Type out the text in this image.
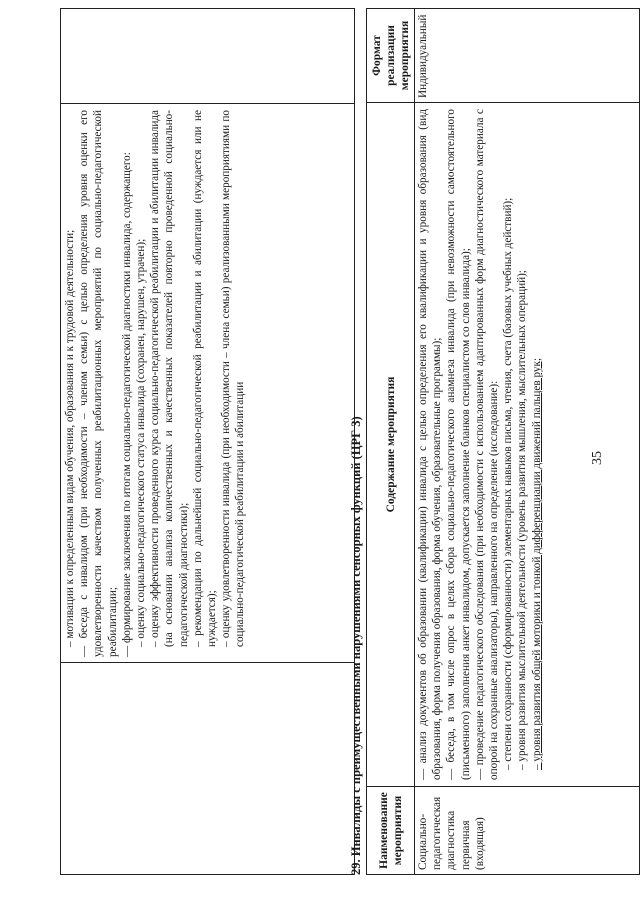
35

– мотивации к определенным видам обучения, образования и к трудовой деятельности; — беседа с инвалидом (при необходимости – членом семьи) с целью определения уровня оценки его удовлетворенности качеством полученных реабилитационных мероприятий по социально-педагогической реабилитации; — формирование заключения по итогам социально-педагогической диагностики инвалида, содержащего: – оценку социально-педагогического статуса инвалида (сохранен, нарушен, утрачен); – оценку эффективности проведенного курса социально-педагогической реабилитации и абилитации инвалида (на основании анализа количественных и качественных показателей повторно проведенной социально-педагогической диагностики); – рекомендации по дальнейшей социально-педагогической реабилитации и абилитации (нуждается или не нуждается); – оценку удовлетворенности инвалида (при необходимости – члена семьи) реализованными мероприятиями по социально-педагогической реабилитации и абилитации	29. Инвалиды с преимущественными нарушениями сенсорных функций (ЦРГ 3) Наименование мероприятия
Содержание мероприятия
Формат реализации мероприятия

Социально-педагогическая диагностика первичная (входящая)

— анализ документов об образовании (квалификации) инвалида с целью определения его квалификации и уровня образования (вид образования, форма получения образования, форма обучения, образовательные программы); — беседа, в том числе опрос в целях сбора социально-педагогического анамнеза инвалида (при невозможности самостоятельного (письменного) заполнения анкет инвалидом, допускается заполнение бланков специалистом со слов инвалида); — проведение педагогического обследования (при необходимости с использованием адаптированных форм диагностического материала с опорой на сохранные анализаторы), направленного на определение (исследование): – степени сохранности (сформированности) элементарных навыков письма, чтения, счета (базовых учебных действий); – уровня развития мыслительной деятельности (уровень развития мышления, мыслительных операций); – уровня развития общей моторики и тонкой дифференциации движений пальцев рук;

Индивидуальный
